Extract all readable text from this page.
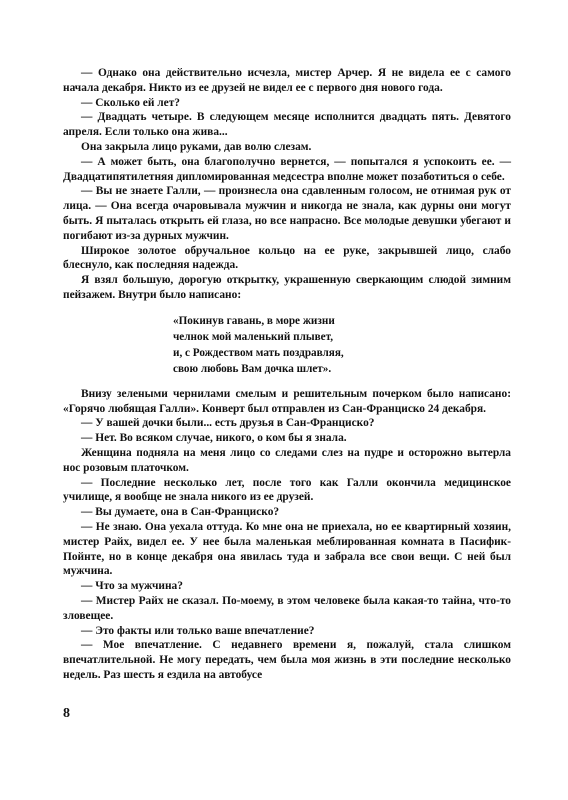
— Однако она действительно исчезла, мистер Арчер. Я не видела ее с самого начала декабря. Никто из ее друзей не видел ее с первого дня нового года.

— Сколько ей лет?

— Двадцать четыре. В следующем месяце исполнится двадцать пять. Девятого апреля. Если только она жива...

Она закрыла лицо руками, дав волю слезам.

— А может быть, она благополучно вернется, — попытался я успокоить ее. — Двадцатипятилетняя дипломированная медсестра вполне может позаботиться о себе.

— Вы не знаете Галли, — произнесла она сдавленным голосом, не отнимая рук от лица. — Она всегда очаровывала мужчин и никогда не знала, как дурны они могут быть. Я пыталась открыть ей глаза, но все напрасно. Все молодые девушки убегают и погибают из-за дурных мужчин.

Широкое золотое обручальное кольцо на ее руке, закрывшей лицо, слабо блеснуло, как последняя надежда.

Я взял большую, дорогую открытку, украшенную сверкающим слюдой зимним пейзажем. Внутри было написано:

«Покинув гавань, в море жизни
челнок мой маленький плывет,
и, с Рождеством мать поздравляя,
свою любовь Вам дочка шлет».

Внизу зелеными чернилами смелым и решительным почерком было написано: «Горячо любящая Галли». Конверт был отправлен из Сан-Франциско 24 декабря.

— У вашей дочки были... есть друзья в Сан-Франциско?

— Нет. Во всяком случае, никого, о ком бы я знала.

Женщина подняла на меня лицо со следами слез на пудре и осторожно вытерла нос розовым платочком.

— Последние несколько лет, после того как Галли окончила медицинское училище, я вообще не знала никого из ее друзей.

— Вы думаете, она в Сан-Франциско?

— Не знаю. Она уехала оттуда. Ко мне она не приехала, но ее квартирный хозяин, мистер Райх, видел ее. У нее была маленькая меблированная комната в Пасифик-Пойнте, но в конце декабря она явилась туда и забрала все свои вещи. С ней был мужчина.

— Что за мужчина?

— Мистер Райх не сказал. По-моему, в этом человеке была какая-то тайна, что-то зловещее.

— Это факты или только ваше впечатление?

— Мое впечатление. С недавнего времени я, пожалуй, стала слишком впечатлительной. Не могу передать, чем была моя жизнь в эти последние несколько недель. Раз шесть я ездила на автобусе

8
